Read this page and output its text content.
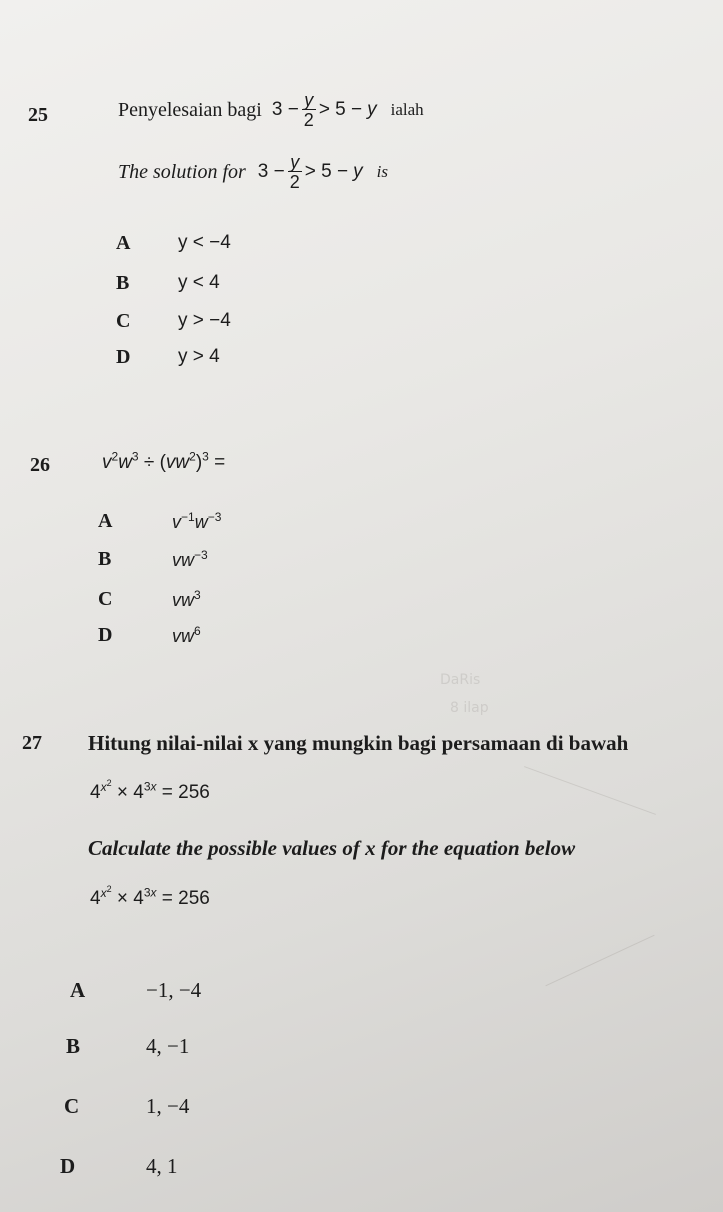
DaRis
8 ilap
25	Penyelesaian bagi $3 - \frac{y}{2} > 5 - y$ ialah
The solution for $3 - \frac{y}{2} > 5 - y$ is
A	y < −4
B	y < 4
C	y > −4
D	y > 4
26	$v^2w^3 \div (vw^2)^3$ =
A	$v^{-1}w^{-3}$
B	$vw^{-3}$
C	$vw^3$
D	$vw^6$
27 Hitung nilai-nilai x yang mungkin bagi persamaan di bawah
$4^{x^2} \times 4^{3x} = 256$
Calculate the possible values of x for the equation below
$4^{x^2} \times 4^{3x} = 256$
A	−1, −4
B	4, −1
C	1, −4
D	4, 1
